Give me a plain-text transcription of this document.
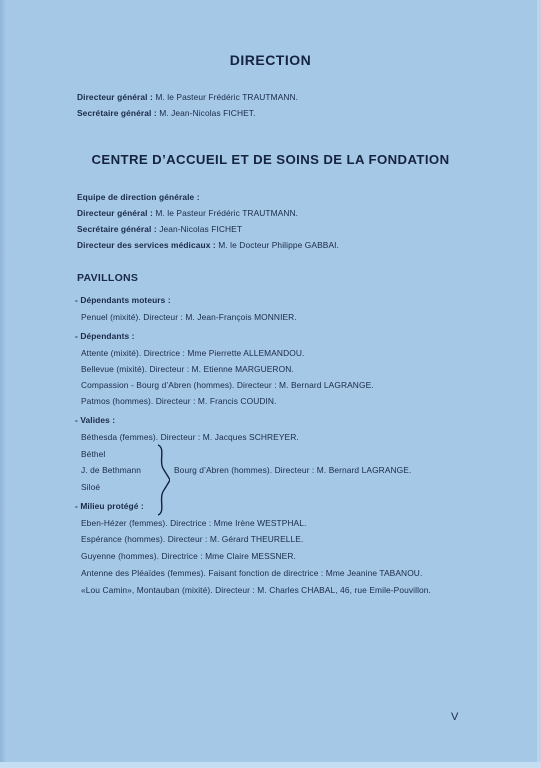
DIRECTION
Directeur général : M. le Pasteur Frédéric TRAUTMANN.
Secrétaire général : M. Jean-Nicolas FICHET.
CENTRE D’ACCUEIL ET DE SOINS DE LA FONDATION
Equipe de direction générale :
Directeur général : M. le Pasteur Frédéric TRAUTMANN.
Secrétaire général : Jean-Nicolas FICHET
Directeur des services médicaux : M. le Docteur Philippe GABBAI.
PAVILLONS
- Dépendants moteurs :
Penuel (mixité). Directeur : M. Jean-François MONNIER.
- Dépendants :
Attente (mixité). Directrice : Mme Pierrette ALLEMANDOU.
Bellevue (mixité). Directeur : M. Etienne MARGUERON.
Compassion - Bourg d’Abren (hommes). Directeur : M. Bernard LAGRANGE.
Patmos (hommes). Directeur : M. Francis COUDIN.
- Valides :
Béthesda (femmes). Directeur : M. Jacques SCHREYER.
Béthel
J. de Bethmann
Siloé
Bourg d’Abren (hommes). Directeur : M. Bernard LAGRANGE.
- Milieu protégé :
Eben-Hézer (femmes). Directrice : Mme Irène WESTPHAL.
Espérance (hommes). Directeur : M. Gérard THEURELLE.
Guyenne (hommes). Directrice : Mme Claire MESSNER.
Antenne des Pléaïdes (femmes). Faisant fonction de directrice : Mme Jeanine TABANOU.
«Lou Camin», Montauban (mixité). Directeur : M. Charles CHABAL, 46, rue Emile-Pouvillon.
V
